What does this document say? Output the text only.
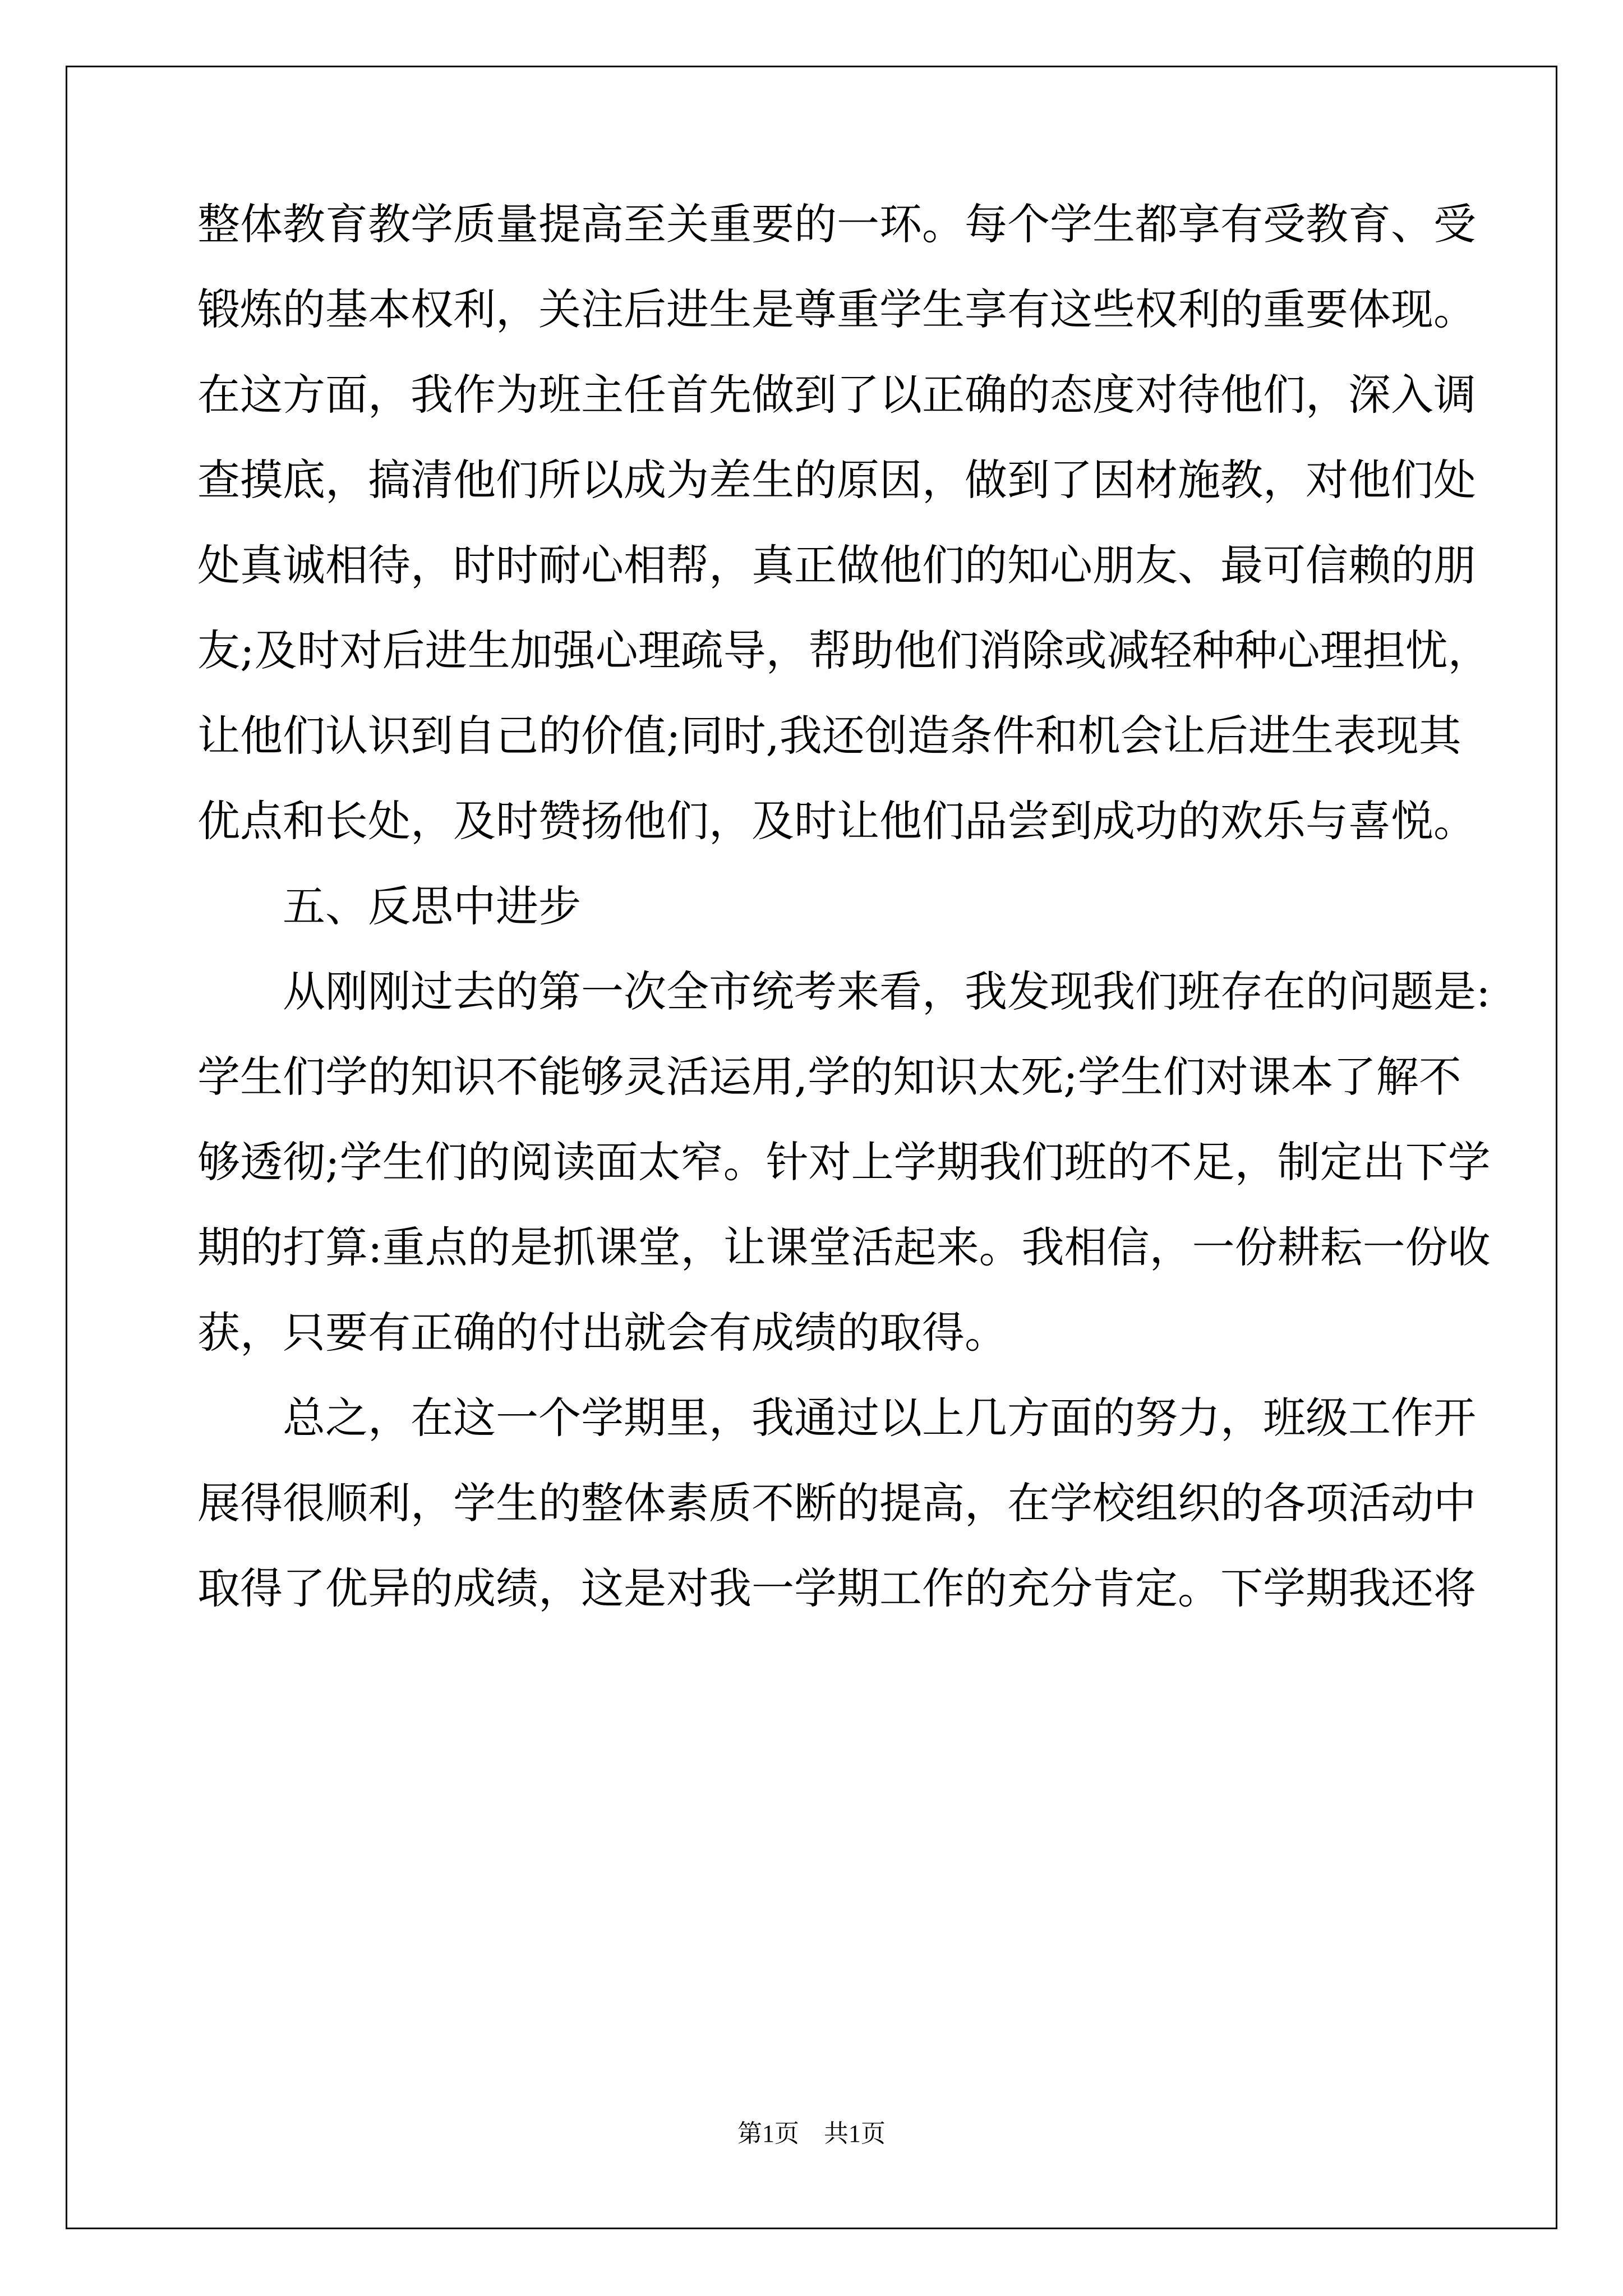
整体教育教学质量提高至关重要的一环。每个学生都享有受教育、受
锻炼的基本权利，关注后进生是尊重学生享有这些权利的重要体现。
在这方面，我作为班主任首先做到了以正确的态度对待他们，深入调
查摸底，搞清他们所以成为差生的原因，做到了因材施教，对他们处
处真诚相待，时时耐心相帮，真正做他们的知心朋友、最可信赖的朋
友;及时对后进生加强心理疏导，帮助他们消除或减轻种种心理担忧，
让他们认识到自己的价值;同时,我还创造条件和机会让后进生表现其
优点和长处，及时赞扬他们，及时让他们品尝到成功的欢乐与喜悦。
五、反思中进步
从刚刚过去的第一次全市统考来看，我发现我们班存在的问题是:
学生们学的知识不能够灵活运用,学的知识太死;学生们对课本了解不
够透彻;学生们的阅读面太窄。针对上学期我们班的不足，制定出下学
期的打算:重点的是抓课堂，让课堂活起来。我相信，一份耕耘一份收
获，只要有正确的付出就会有成绩的取得。
总之，在这一个学期里，我通过以上几方面的努力，班级工作开
展得很顺利，学生的整体素质不断的提高，在学校组织的各项活动中
取得了优异的成绩，这是对我一学期工作的充分肯定。下学期我还将
第1页　共1页
